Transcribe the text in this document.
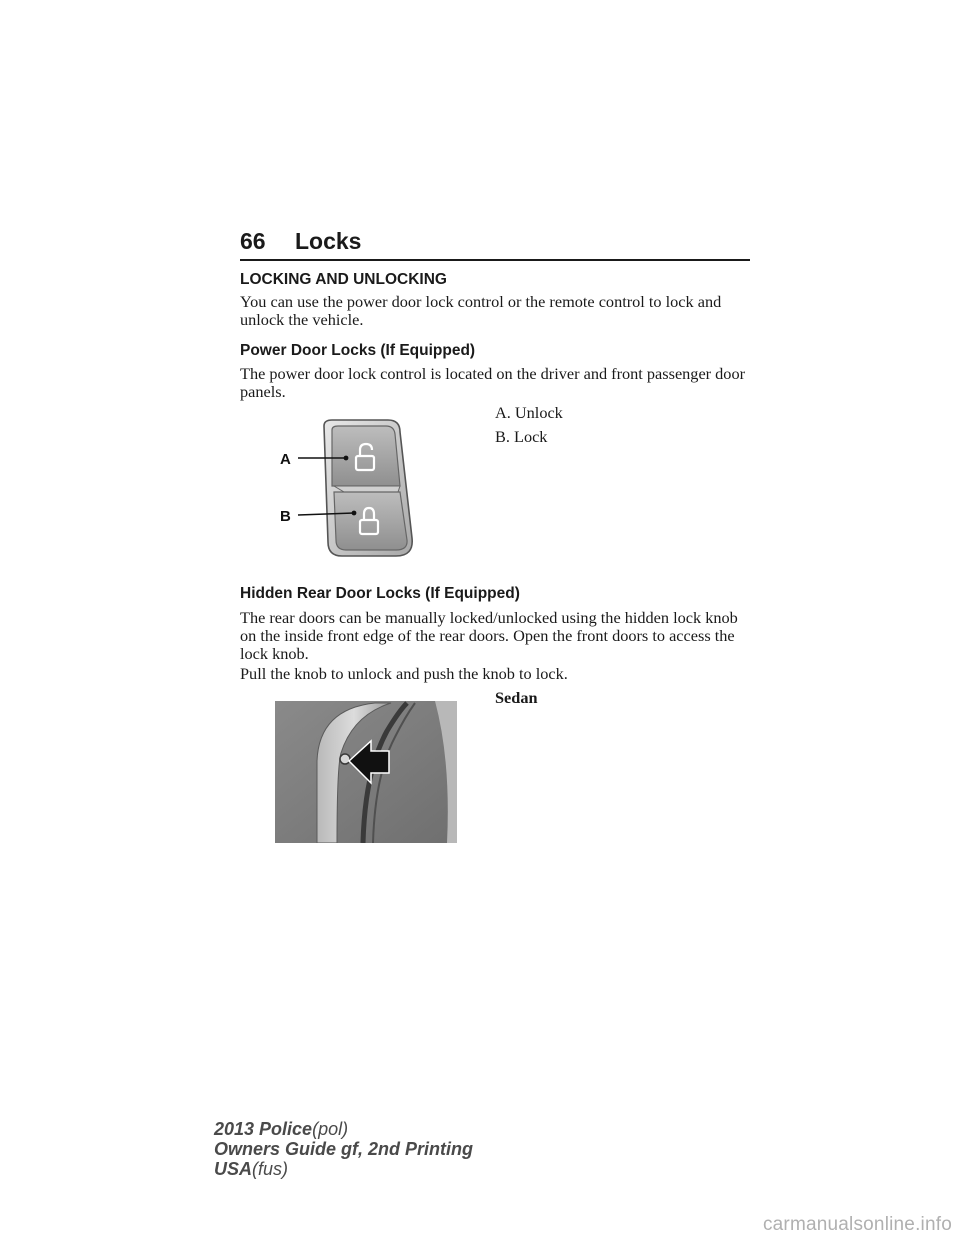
66 Locks
LOCKING AND UNLOCKING
You can use the power door lock control or the remote control to lock and unlock the vehicle.
Power Door Locks (If Equipped)
The power door lock control is located on the driver and front passenger door panels.
A. Unlock
B. Lock
A
B
Hidden Rear Door Locks (If Equipped)
The rear doors can be manually locked/unlocked using the hidden lock knob on the inside front edge of the rear doors. Open the front doors to access the lock knob.
Pull the knob to unlock and push the knob to lock.
Sedan
2013 Police(pol)
Owners Guide gf, 2nd Printing
USA(fus)
carmanualsonline.info
